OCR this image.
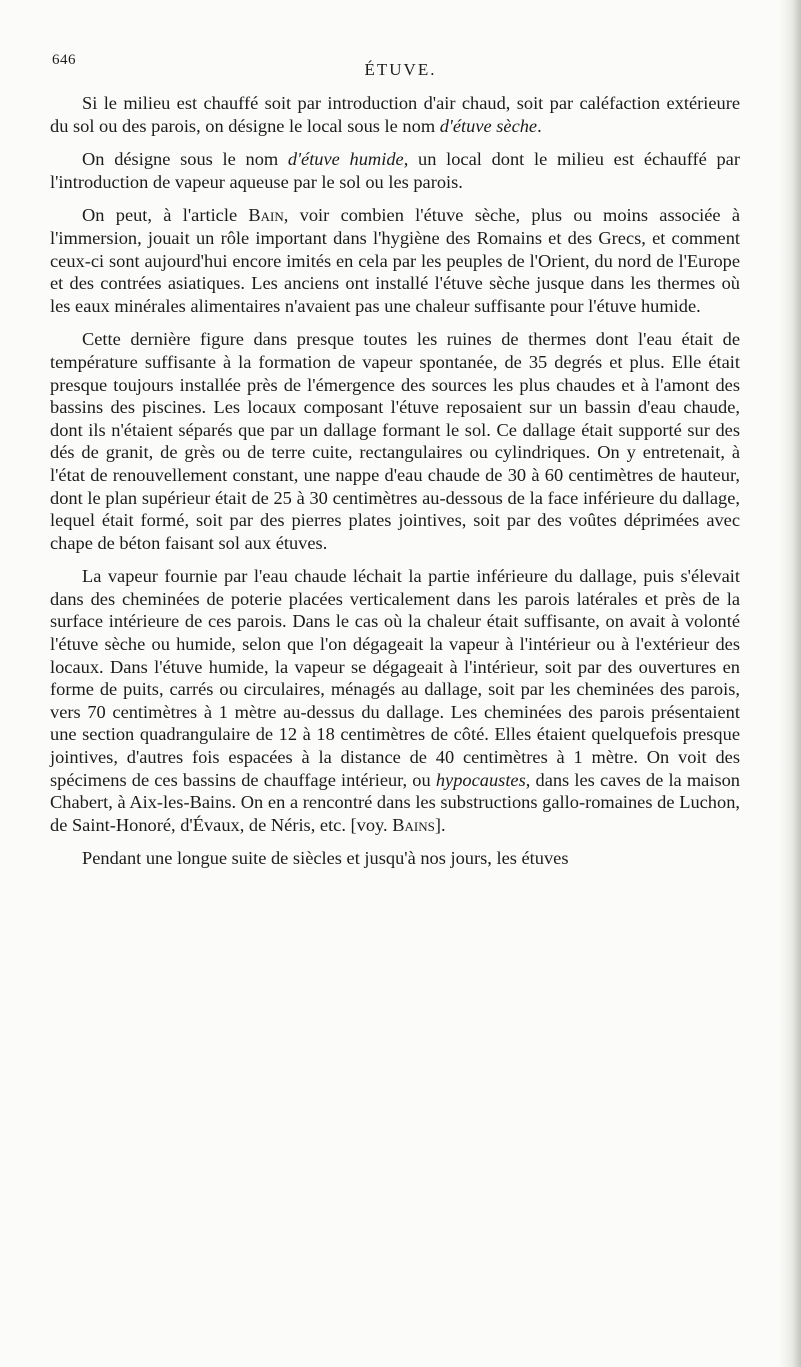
646	ÉTUVE.

Si le milieu est chauffé soit par introduction d'air chaud, soit par caléfaction extérieure du sol ou des parois, on désigne le local sous le nom d'étuve sèche.

On désigne sous le nom d'étuve humide, un local dont le milieu est échauffé par l'introduction de vapeur aqueuse par le sol ou les parois.

On peut, à l'article Bain, voir combien l'étuve sèche, plus ou moins associée à l'immersion, jouait un rôle important dans l'hygiène des Romains et des Grecs, et comment ceux-ci sont aujourd'hui encore imités en cela par les peuples de l'Orient, du nord de l'Europe et des contrées asiatiques. Les anciens ont installé l'étuve sèche jusque dans les thermes où les eaux minérales alimentaires n'avaient pas une chaleur suffisante pour l'étuve humide.

Cette dernière figure dans presque toutes les ruines de thermes dont l'eau était de température suffisante à la formation de vapeur spontanée, de 35 degrés et plus. Elle était presque toujours installée près de l'émergence des sources les plus chaudes et à l'amont des bassins des piscines. Les locaux composant l'étuve reposaient sur un bassin d'eau chaude, dont ils n'étaient séparés que par un dallage formant le sol. Ce dallage était supporté sur des dés de granit, de grès ou de terre cuite, rectangulaires ou cylindriques. On y entretenait, à l'état de renouvellement constant, une nappe d'eau chaude de 30 à 60 centimètres de hauteur, dont le plan supérieur était de 25 à 30 centimètres au-dessous de la face inférieure du dallage, lequel était formé, soit par des pierres plates jointives, soit par des voûtes déprimées avec chape de béton faisant sol aux étuves.

La vapeur fournie par l'eau chaude léchait la partie inférieure du dallage, puis s'élevait dans des cheminées de poterie placées verticalement dans les parois latérales et près de la surface intérieure de ces parois. Dans le cas où la chaleur était suffisante, on avait à volonté l'étuve sèche ou humide, selon que l'on dégageait la vapeur à l'intérieur ou à l'extérieur des locaux. Dans l'étuve humide, la vapeur se dégageait à l'intérieur, soit par des ouvertures en forme de puits, carrés ou circulaires, ménagés au dallage, soit par les cheminées des parois, vers 70 centimètres à 1 mètre au-dessus du dallage. Les cheminées des parois présentaient une section quadrangulaire de 12 à 18 centimètres de côté. Elles étaient quelquefois presque jointives, d'autres fois espacées à la distance de 40 centimètres à 1 mètre. On voit des spécimens de ces bassins de chauffage intérieur, ou hypocaustes, dans les caves de la maison Chabert, à Aix-les-Bains. On en a rencontré dans les substructions gallo-romaines de Luchon, de Saint-Honoré, d'Évaux, de Néris, etc. [voy. Bains].

Pendant une longue suite de siècles et jusqu'à nos jours, les étuves
